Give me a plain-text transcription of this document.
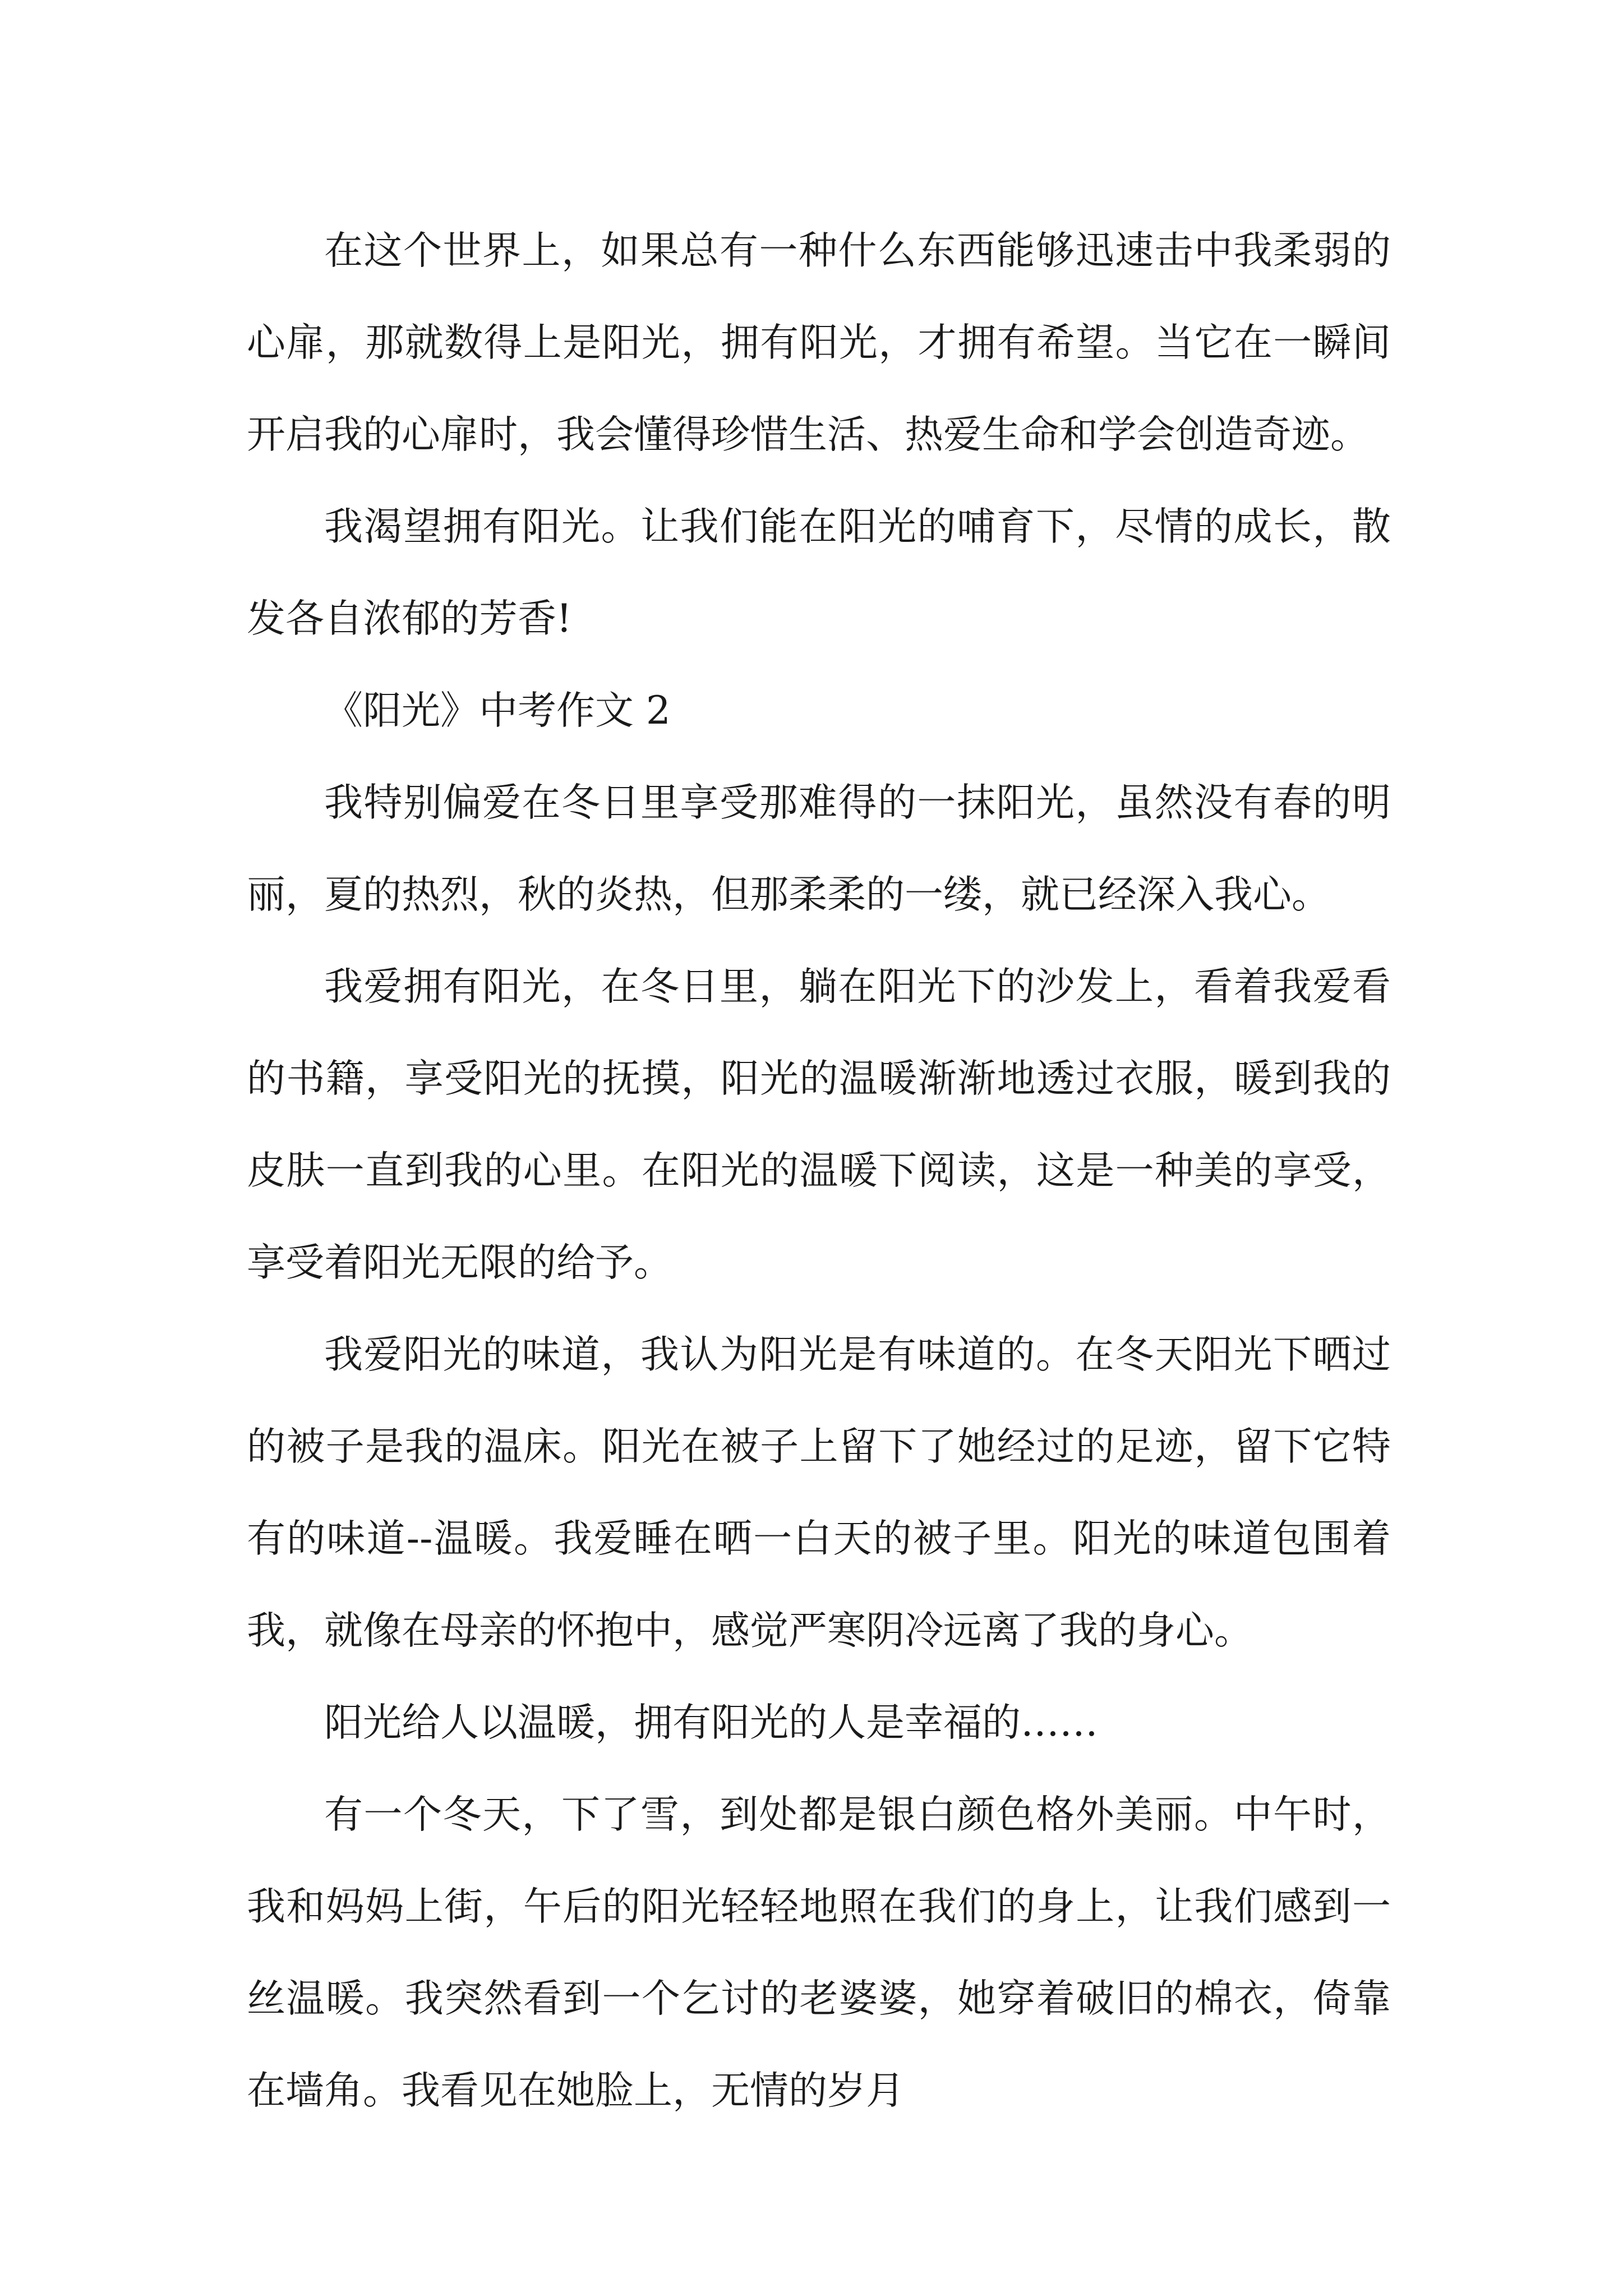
在这个世界上，如果总有一种什么东西能够迅速击中我柔弱的心扉，那就数得上是阳光，拥有阳光，才拥有希望。当它在一瞬间开启我的心扉时，我会懂得珍惜生活、热爱生命和学会创造奇迹。

我渴望拥有阳光。让我们能在阳光的哺育下，尽情的成长，散发各自浓郁的芳香!

《阳光》中考作文 2

我特别偏爱在冬日里享受那难得的一抹阳光，虽然没有春的明丽，夏的热烈，秋的炎热，但那柔柔的一缕，就已经深入我心。

我爱拥有阳光，在冬日里，躺在阳光下的沙发上，看着我爱看的书籍，享受阳光的抚摸，阳光的温暖渐渐地透过衣服，暖到我的皮肤一直到我的心里。在阳光的温暖下阅读，这是一种美的享受，享受着阳光无限的给予。

我爱阳光的味道，我认为阳光是有味道的。在冬天阳光下晒过的被子是我的温床。阳光在被子上留下了她经过的足迹，留下它特有的味道--温暖。我爱睡在晒一白天的被子里。阳光的味道包围着我，就像在母亲的怀抱中，感觉严寒阴冷远离了我的身心。

阳光给人以温暖，拥有阳光的人是幸福的……

有一个冬天，下了雪，到处都是银白颜色格外美丽。中午时，我和妈妈上街，午后的阳光轻轻地照在我们的身上，让我们感到一丝温暖。我突然看到一个乞讨的老婆婆，她穿着破旧的棉衣，倚靠在墙角。我看见在她脸上，无情的岁月
